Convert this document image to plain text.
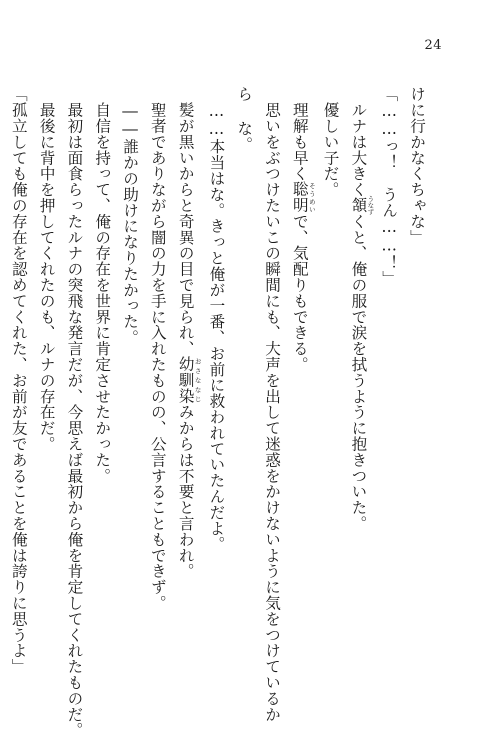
24
けに行かなくちゃな」
「……っ！　うん……！」
　ルナは大きく頷 うなずくと、俺の服で涙を拭うように抱きついた。
　優しい子だ。
　理解も早く聡明 そうめいで、気配りもできる。
　思いをぶつけたいこの瞬間にも、大声を出して迷惑をかけないように気をつけているか
ら な。
　……本当はな。きっと俺が一番、お前に救われていたんだよ。
　髪が黒いからと奇異の目で見られ、幼馴染 おさななじみからは不要と言われ。
　聖者でありながら闇の力を手に入れたものの、公言することもできず。
　――誰かの助けになりたかった。
　自信を持って、俺の存在を世界に肯定させたかった。
　最初は面食らったルナの突飛な発言だが、今思えば最初から俺を肯定してくれたものだ。
　最後に背中を押してくれたのも、ルナの存在だ。
「孤立しても俺の存在を認めてくれた、お前が友であることを俺は誇りに思うよ」
